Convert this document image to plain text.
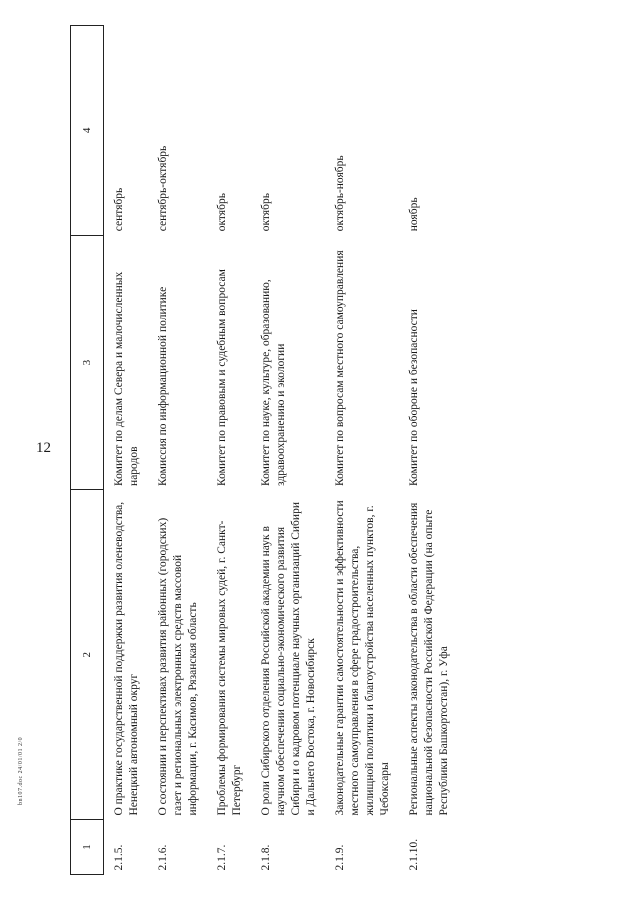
12
1	2	3	4
2.1.5.	О практике государственной поддержки развития оленеводства, Ненецкий автономный округ	Комитет по делам Севера и малочисленных народов	сентябрь
2.1.6.	О состоянии и перспективах развития районных (городских) газет и региональных электронных средств массовой информации, г. Касимов, Рязанская область	Комиссия по информационной политике	сентябрь-октябрь
2.1.7.	Проблемы формирования системы мировых судей, г. Санкт-Петербург	Комитет по правовым и судебным вопросам	октябрь
2.1.8.	О роли Сибирского отделения Российской академии наук в научном обеспечении социально-экономического развития Сибири и о кадровом потенциале научных организаций Сибири и Дальнего Востока, г. Новосибирск	Комитет по науке, культуре, образованию, здравоохранению и экологии	октябрь
2.1.9.	Законодательные гарантии самостоятельности и эффективности местного самоуправления в сфере градостроительства, жилищной политики и благоустройства населенных пунктов, г. Чебоксары	Комитет по вопросам местного самоуправления	октябрь-ноябрь
2.1.10.	Региональные аспекты законодательства в области обеспечения национальной безопасности Российской Федерации (на опыте Республики Башкортостан), г. Уфа	Комитет по обороне и безопасности	ноябрь
bn107.doc 24/01/01 2/0
